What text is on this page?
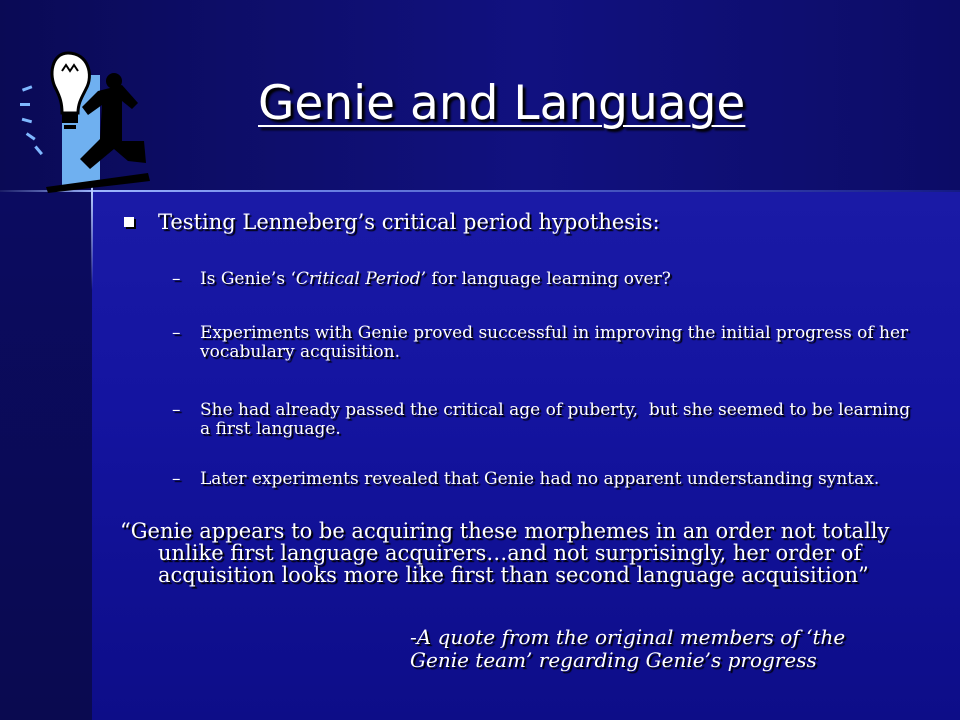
Genie and Language
Testing Lenneberg’s critical period hypothesis:
–	Is Genie’s ‘Critical Period’ for language learning over?
–	Experiments with Genie proved successful in improving the initial progress of her vocabulary acquisition.
–	She had already passed the critical age of puberty,  but she seemed to be learning a first language.
–	Later experiments revealed that Genie had no apparent understanding syntax.
“Genie appears to be acquiring these morphemes in an order not totally unlike first language acquirers…and not surprisingly, her order of acquisition looks more like first than second language acquisition”
-A quote from the original members of ‘the Genie team’ regarding Genie’s progress
